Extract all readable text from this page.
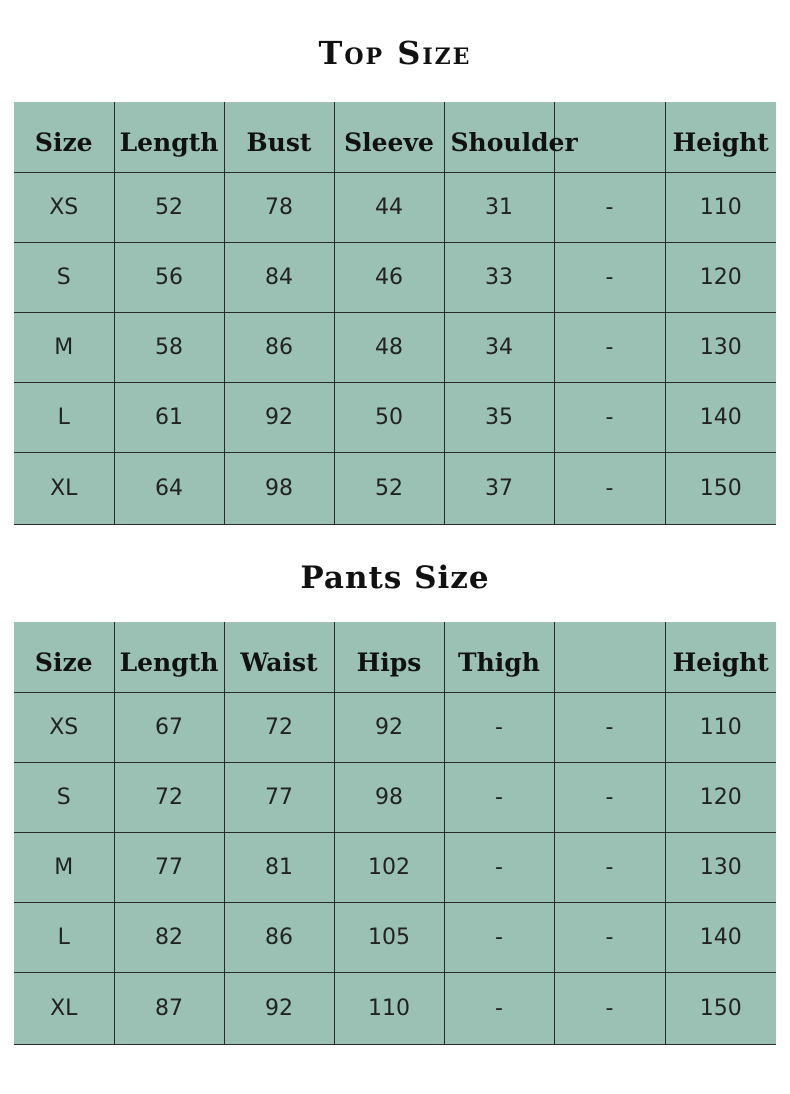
Top Size
Size	Length	Bust	Sleeve	Shoulder		Height
XS	52	78	44	31	-	110
S	56	84	46	33	-	120
M	58	86	48	34	-	130
L	61	92	50	35	-	140
XL	64	98	52	37	-	150
Pants Size
Size	Length	Waist	Hips	Thigh		Height
XS	67	72	92	-	-	110
S	72	77	98	-	-	120
M	77	81	102	-	-	130
L	82	86	105	-	-	140
XL	87	92	110	-	-	150
